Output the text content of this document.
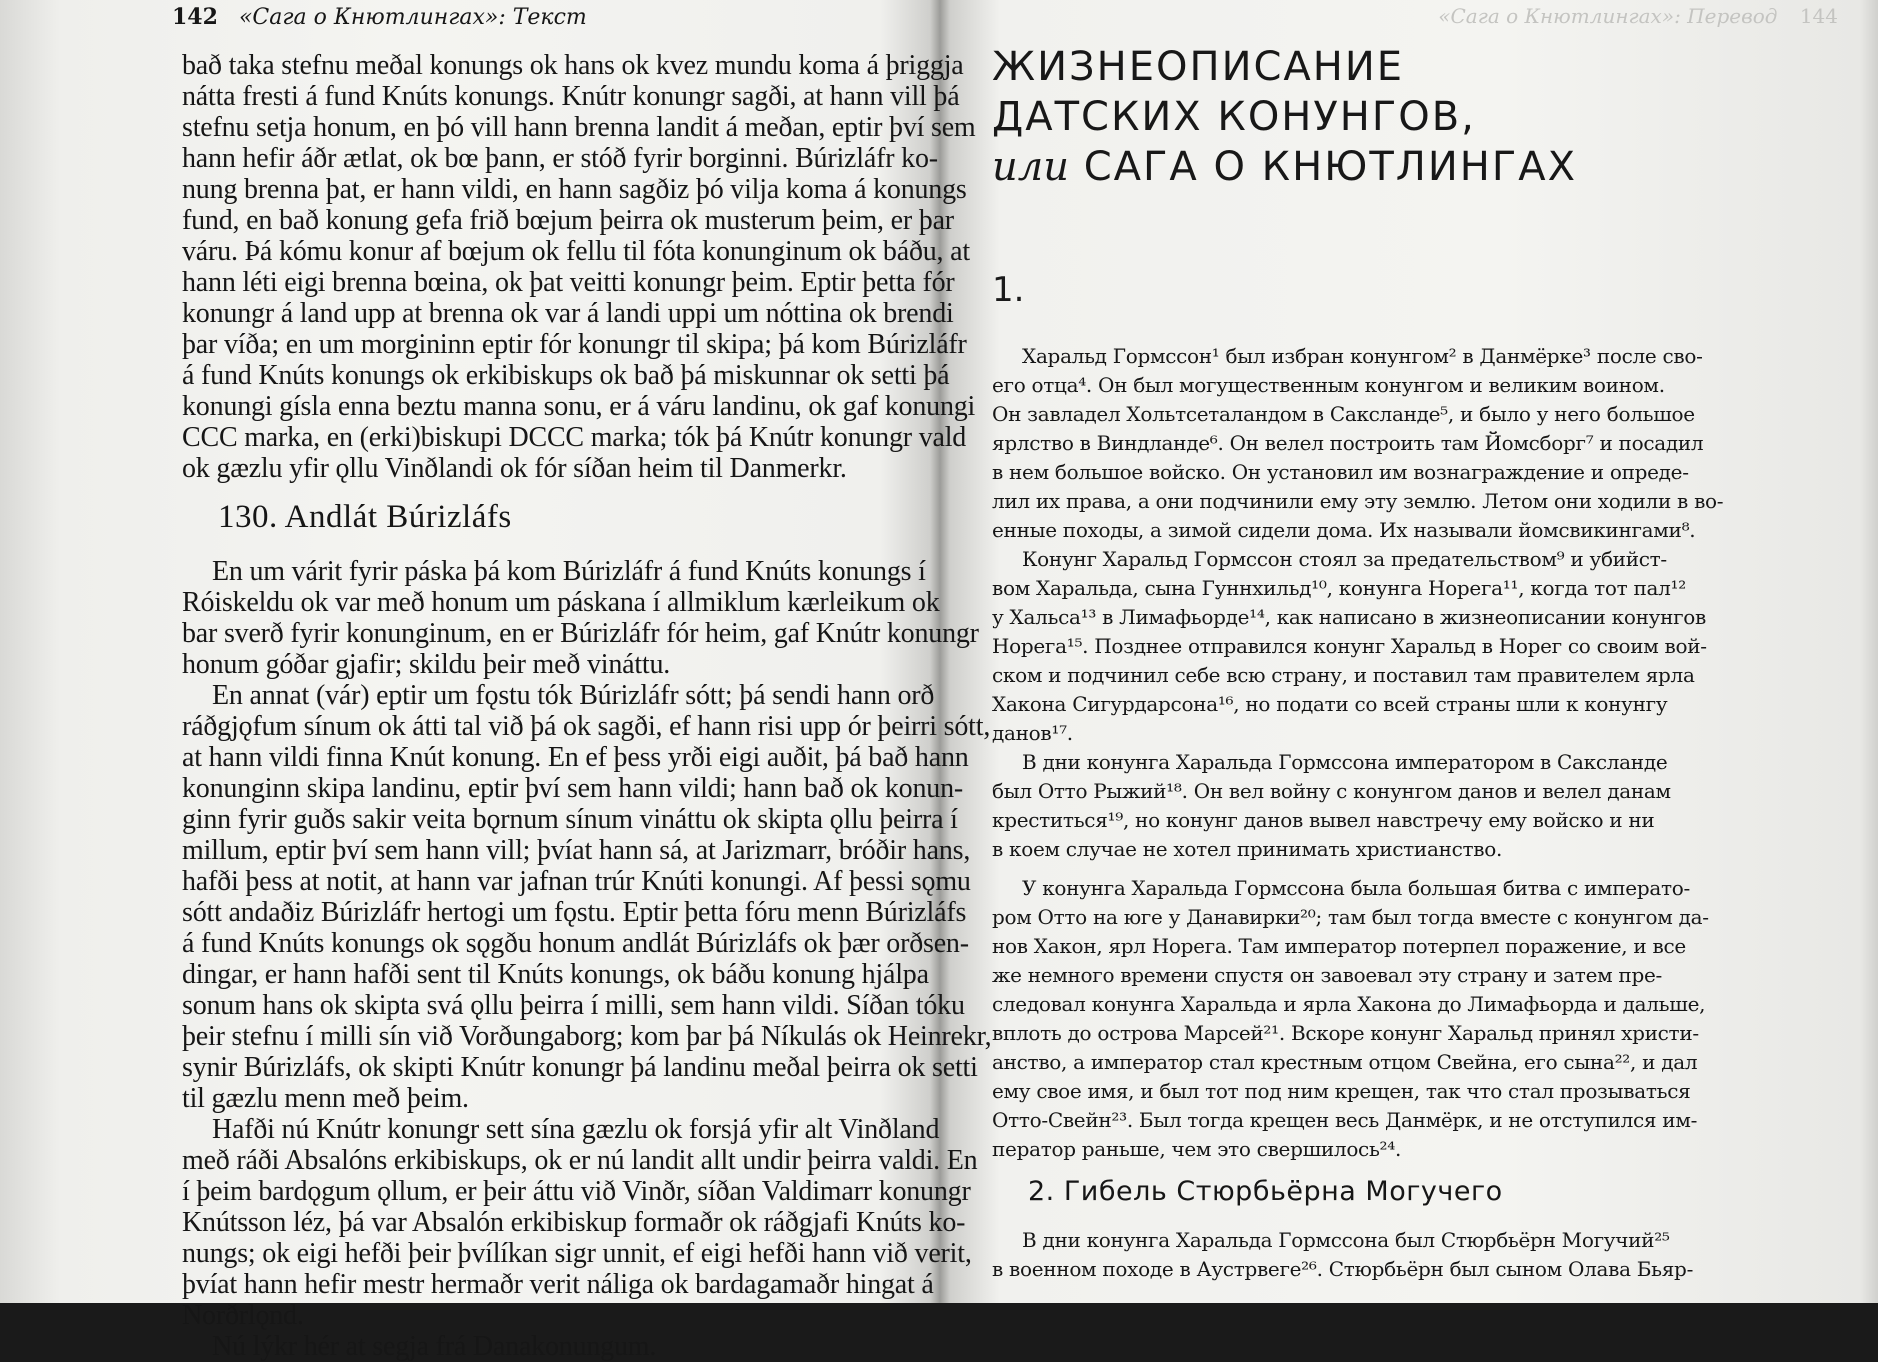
142 «Сага о Кнютлингах»: Текст
bað taka stefnu meðal konungs ok hans ok kvez mundu koma á þriggja
nátta fresti á fund Knúts konungs. Knútr konungr sagði, at hann vill þá
stefnu setja honum, en þó vill hann brenna landit á meðan, eptir því sem
hann hefir áðr ætlat, ok bœ þann, er stóð fyrir borginni. Búrizláfr ko-
nung brenna þat, er hann vildi, en hann sagðiz þó vilja koma á konungs
fund, en bað konung gefa frið bœjum þeirra ok musterum þeim, er þar
váru. Þá kómu konur af bœjum ok fellu til fóta konunginum ok báðu, at
hann léti eigi brenna bœina, ok þat veitti konungr þeim. Eptir þetta fór
konungr á land upp at brenna ok var á landi uppi um nóttina ok brendi
þar víða; en um morgininn eptir fór konungr til skipa; þá kom Búrizláfr
á fund Knúts konungs ok erkibiskups ok bað þá miskunnar ok setti þá
konungi gísla enna beztu manna sonu, er á váru landinu, ok gaf konungi
CCC marka, en (erki)biskupi DCCC marka; tók þá Knútr konungr vald
ok gæzlu yfir ǫllu Vinðlandi ok fór síðan heim til Danmerkr.
130. Andlát Búrizláfs
En um várit fyrir páska þá kom Búrizláfr á fund Knúts konungs í
Róiskeldu ok var með honum um páskana í allmiklum kærleikum ok
bar sverð fyrir konunginum, en er Búrizláfr fór heim, gaf Knútr konungr
honum góðar gjafir; skildu þeir með vináttu.
En annat (vár) eptir um fǫstu tók Búrizláfr sótt; þá sendi hann orð
ráðgjǫfum sínum ok átti tal við þá ok sagði, ef hann risi upp ór þeirri sótt,
at hann vildi finna Knút konung. En ef þess yrði eigi auðit, þá bað hann
konunginn skipa landinu, eptir því sem hann vildi; hann bað ok konun-
ginn fyrir guðs sakir veita bǫrnum sínum vináttu ok skipta ǫllu þeirra í
millum, eptir því sem hann vill; þvíat hann sá, at Jarizmarr, bróðir hans,
hafði þess at notit, at hann var jafnan trúr Knúti konungi. Af þessi sǫmu
sótt andaðiz Búrizláfr hertogi um fǫstu. Eptir þetta fóru menn Búrizláfs
á fund Knúts konungs ok sǫgðu honum andlát Búrizláfs ok þær orðsen-
dingar, er hann hafði sent til Knúts konungs, ok báðu konung hjálpa
sonum hans ok skipta svá ǫllu þeirra í milli, sem hann vildi. Síðan tóku
þeir stefnu í milli sín við Vorðungaborg; kom þar þá Níkulás ok Heinrekr,
synir Búrizláfs, ok skipti Knútr konungr þá landinu meðal þeirra ok setti
til gæzlu menn með þeim.
Hafði nú Knútr konungr sett sína gæzlu ok forsjá yfir alt Vinðland
með ráði Absalóns erkibiskups, ok er nú landit allt undir þeirra valdi. En
í þeim bardǫgum ǫllum, er þeir áttu við Vinðr, síðan Valdimarr konungr
Knútsson léz, þá var Absalón erkibiskup formaðr ok ráðgjafi Knúts ko-
nungs; ok eigi hefði þeir þvílíkan sigr unnit, ef eigi hefði hann við verit,
þvíat hann hefir mestr hermaðr verit náliga ok bardagamaðr hingat á
Norðrlǫnd.
Nú lýkr hér at segja frá Danakonungum.
«Сага о Кнютлингах»: Перевод 144
ЖИЗНЕОПИСАНИЕ
ДАТСКИХ КОНУНГОВ,
или САГА О КНЮТЛИНГАХ
1.
Харальд Гормссон¹ был избран конунгом² в Данмёрке³ после сво-
его отца⁴. Он был могущественным конунгом и великим воином.
Он завладел Хольтсеталандом в Саксланде⁵, и было у него большое
ярлство в Виндланде⁶. Он велел построить там Йомсборг⁷ и посадил
в нем большое войско. Он установил им вознаграждение и опреде-
лил их права, а они подчинили ему эту землю. Летом они ходили в во-
енные походы, а зимой сидели дома. Их называли йомсвикингами⁸.
Конунг Харальд Гормссон стоял за предательством⁹ и убийст-
вом Харальда, сына Гуннхильд¹⁰, конунга Норега¹¹, когда тот пал¹²
у Хальса¹³ в Лимафьорде¹⁴, как написано в жизнеописании конунгов
Норега¹⁵. Позднее отправился конунг Харальд в Норег со своим вой-
ском и подчинил себе всю страну, и поставил там правителем ярла
Хакона Сигурдарсона¹⁶, но подати со всей страны шли к конунгу
данов¹⁷.
В дни конунга Харальда Гормссона императором в Саксланде
был Отто Рыжий¹⁸. Он вел войну с конунгом данов и велел данам
креститься¹⁹, но конунг данов вывел навстречу ему войско и ни
в коем случае не хотел принимать христианство.
У конунга Харальда Гормссона была большая битва с императо-
ром Отто на юге у Данавирки²⁰; там был тогда вместе с конунгом да-
нов Хакон, ярл Норега. Там император потерпел поражение, и все
же немного времени спустя он завоевал эту страну и затем пре-
следовал конунга Харальда и ярла Хакона до Лимафьорда и дальше,
вплоть до острова Марсей²¹. Вскоре конунг Харальд принял христи-
анство, а император стал крестным отцом Свейна, его сына²², и дал
ему свое имя, и был тот под ним крещен, так что стал прозываться
Отто-Свейн²³. Был тогда крещен весь Данмёрк, и не отступился им-
ператор раньше, чем это свершилось²⁴.
2. Гибель Стюрбьёрна Могучего
В дни конунга Харальда Гормссона был Стюрбьёрн Могучий²⁵
в военном походе в Аустрвеге²⁶. Стюрбьёрн был сыном Олава Бьяр-
